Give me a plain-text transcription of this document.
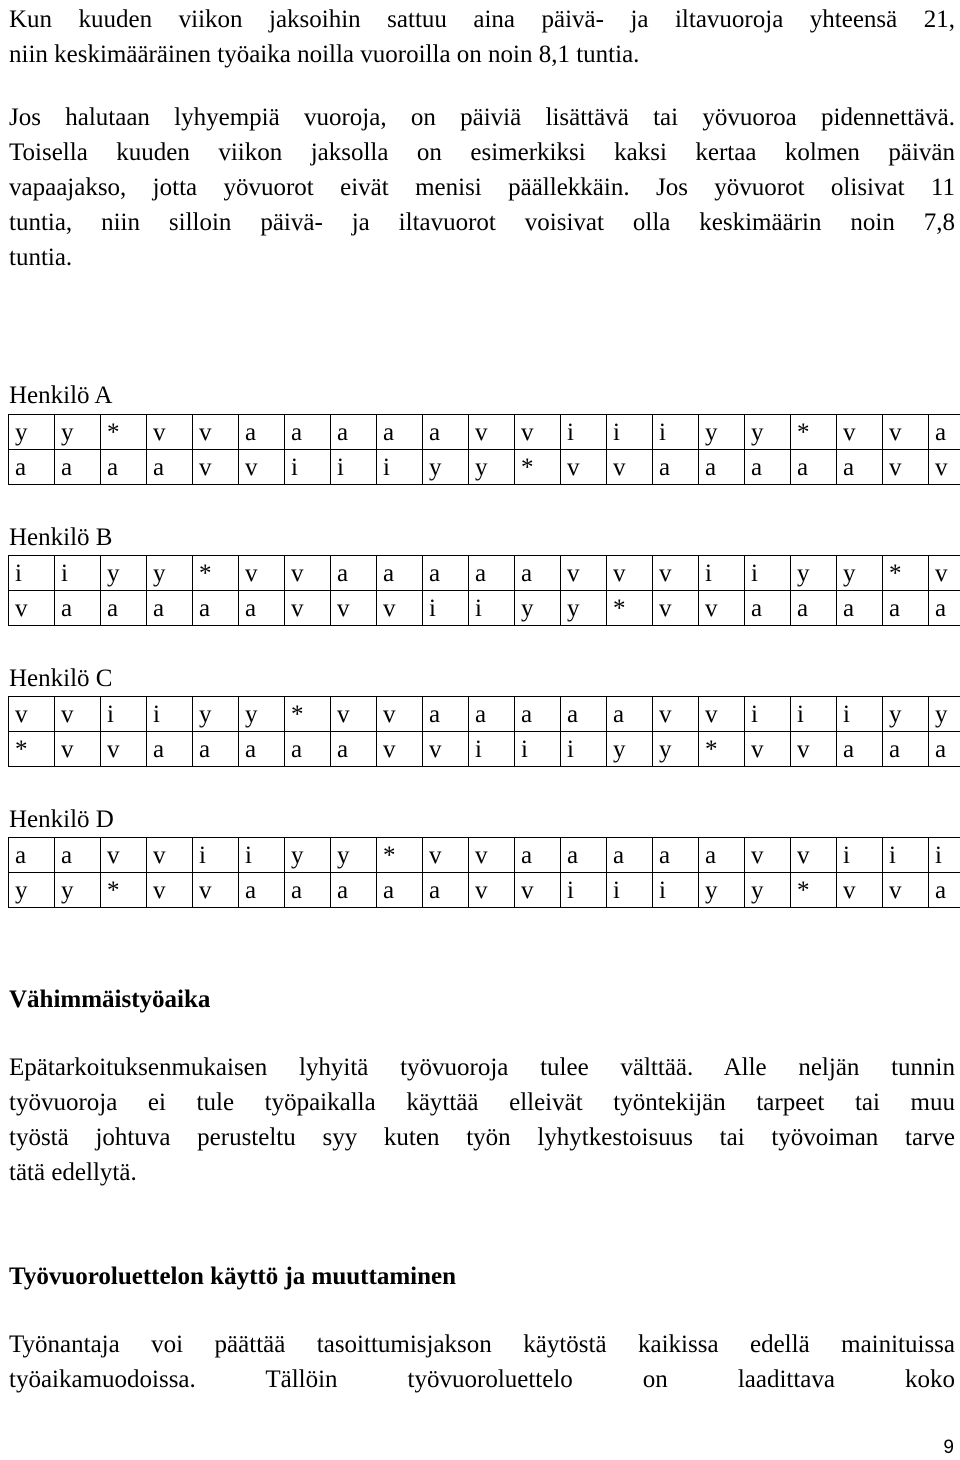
Kun kuuden viikon jaksoihin sattuu aina päivä- ja iltavuoroja yhteensä 21,
niin keskimääräinen työaika noilla vuoroilla on noin 8,1 tuntia.
Jos halutaan lyhyempiä vuoroja, on päiviä lisättävä tai yövuoroa pidennettävä.
Toisella kuuden viikon jaksolla on esimerkiksi kaksi kertaa kolmen päivän
vapaajakso, jotta yövuorot eivät menisi päällekkäin. Jos yövuorot olisivat 11
tuntia, niin silloin päivä- ja iltavuorot voisivat olla keskimäärin noin 7,8
tuntia.
Henkilö A
y	y	*	v	v	a	a	a	a	a	v	v	i	i	i	y	y	*	v	v	a
a	a	a	a	v	v	i	i	i	y	y	*	v	v	a	a	a	a	a	v	v
Henkilö B
i	i	y	y	*	v	v	a	a	a	a	a	v	v	v	i	i	y	y	*	v
v	a	a	a	a	a	v	v	v	i	i	y	y	*	v	v	a	a	a	a	a
Henkilö C
v	v	i	i	y	y	*	v	v	a	a	a	a	a	v	v	i	i	i	y	y
*	v	v	a	a	a	a	a	v	v	i	i	i	y	y	*	v	v	a	a	a
Henkilö D
a	a	v	v	i	i	y	y	*	v	v	a	a	a	a	a	v	v	i	i	i
y	y	*	v	v	a	a	a	a	a	v	v	i	i	i	y	y	*	v	v	a
Vähimmäistyöaika
Epätarkoituksenmukaisen lyhyitä työvuoroja tulee välttää. Alle neljän tunnin
työvuoroja ei tule työpaikalla käyttää elleivät työntekijän tarpeet tai muu
työstä johtuva perusteltu syy kuten työn lyhytkestoisuus tai työvoiman tarve
tätä edellytä.
Työvuoroluettelon käyttö ja muuttaminen
Työnantaja voi päättää tasoittumisjakson käytöstä kaikissa edellä mainituissa
työaikamuodoissa. Tällöin työvuoroluettelo on laadittava koko
9
